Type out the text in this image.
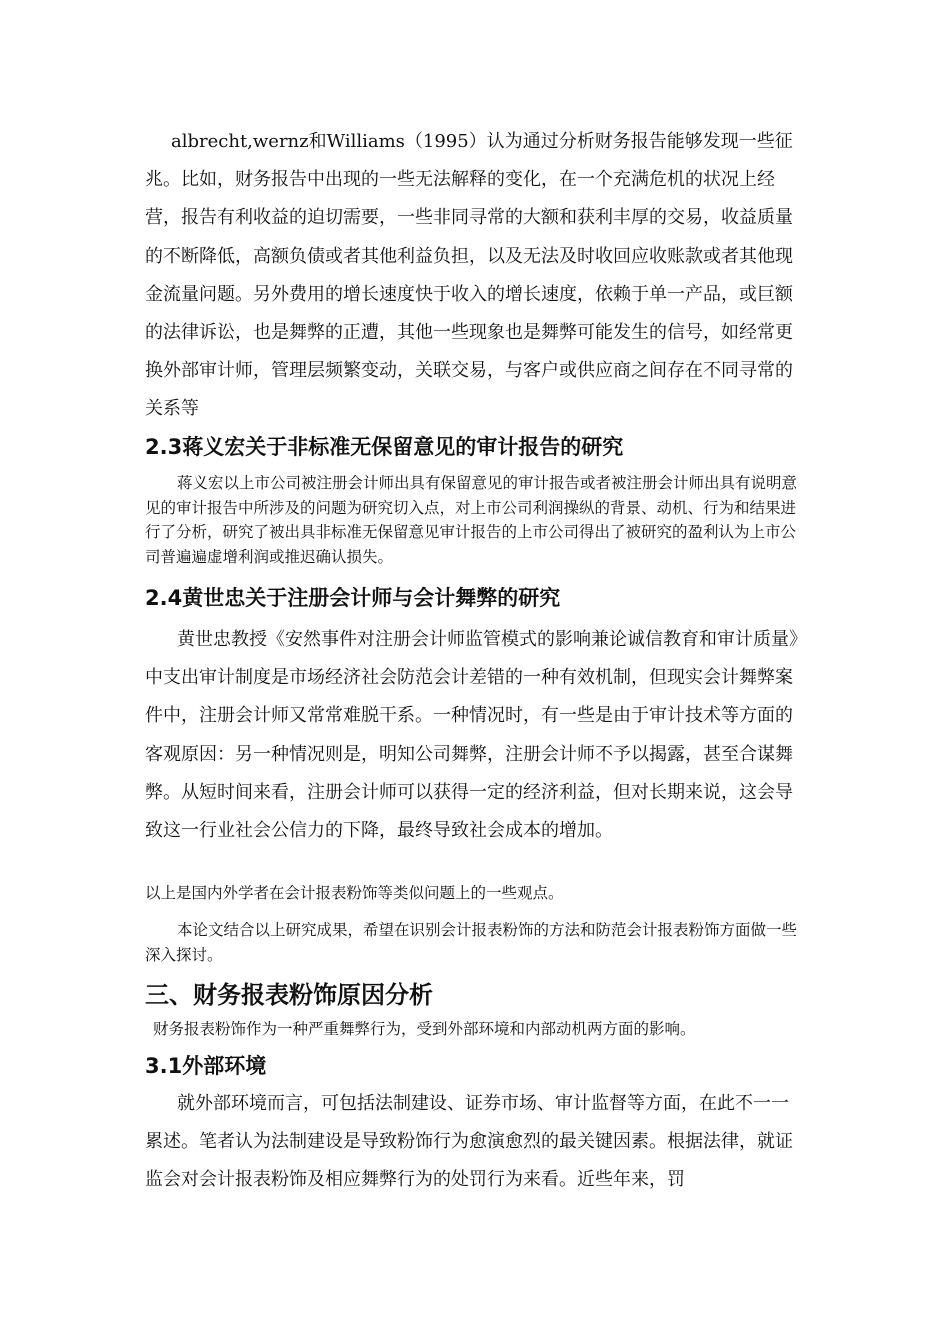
albrecht,wernz和Williams（1995）认为通过分析财务报告能够发现一些征兆。比如，财务报告中出现的一些无法解释的变化，在一个充满危机的状况上经营，报告有利收益的迫切需要，一些非同寻常的大额和获利丰厚的交易，收益质量的不断降低，高额负债或者其他利益负担，以及无法及时收回应收账款或者其他现金流量问题。另外费用的增长速度快于收入的增长速度，依赖于单一产品，或巨额的法律诉讼，也是舞弊的正遭，其他一些现象也是舞弊可能发生的信号，如经常更换外部审计师，管理层频繁变动，关联交易，与客户或供应商之间存在不同寻常的关系等

2.3蒋义宏关于非标准无保留意见的审计报告的研究

蒋义宏以上市公司被注册会计师出具有保留意见的审计报告或者被注册会计师出具有说明意见的审计报告中所涉及的问题为研究切入点，对上市公司利润操纵的背景、动机、行为和结果进行了分析，研究了被出具非标准无保留意见审计报告的上市公司得出了被研究的盈利认为上市公司普遍遍虚增利润或推迟确认损失。

2.4黄世忠关于注册会计师与会计舞弊的研究

黄世忠教授《安然事件对注册会计师监管模式的影响兼论诚信教育和审计质量》中支出审计制度是市场经济社会防范会计差错的一种有效机制，但现实会计舞弊案件中，注册会计师又常常难脱干系。一种情况时，有一些是由于审计技术等方面的客观原因：另一种情况则是，明知公司舞弊，注册会计师不予以揭露，甚至合谋舞弊。从短时间来看，注册会计师可以获得一定的经济利益，但对长期来说，这会导致这一行业社会公信力的下降，最终导致社会成本的增加。

以上是国内外学者在会计报表粉饰等类似问题上的一些观点。

本论文结合以上研究成果，希望在识别会计报表粉饰的方法和防范会计报表粉饰方面做一些深入探讨。

三、财务报表粉饰原因分析

财务报表粉饰作为一种严重舞弊行为，受到外部环境和内部动机两方面的影响。

3.1外部环境

就外部环境而言，可包括法制建设、证券市场、审计监督等方面，在此不一一累述。笔者认为法制建设是导致粉饰行为愈演愈烈的最关键因素。根据法律，就证监会对会计报表粉饰及相应舞弊行为的处罚行为来看。近些年来，罚
